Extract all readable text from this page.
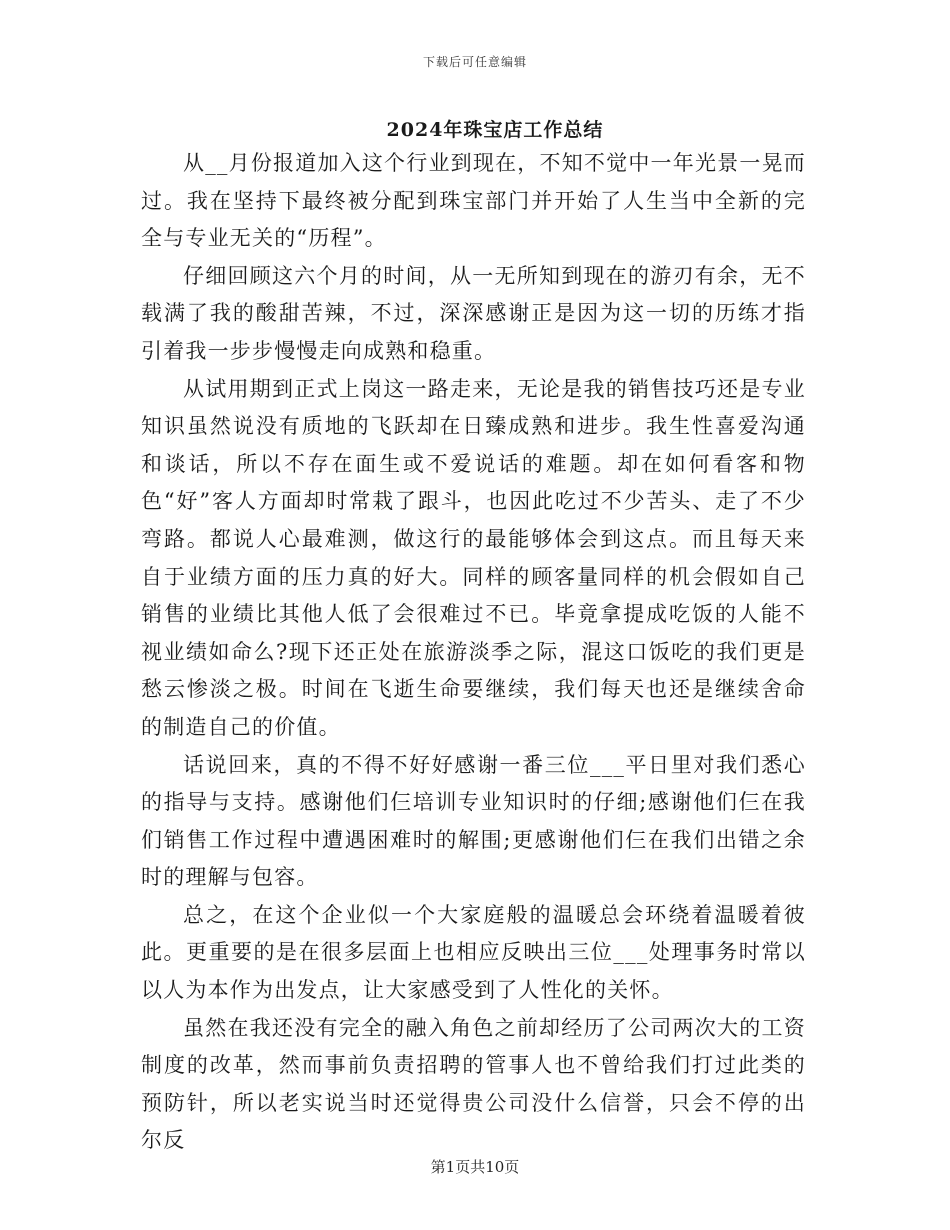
下载后可任意编辑
2024年珠宝店工作总结

从__月份报道加入这个行业到现在，不知不觉中一年光景一晃而过。我在坚持下最终被分配到珠宝部门并开始了人生当中全新的完全与专业无关的“历程”。

仔细回顾这六个月的时间，从一无所知到现在的游刃有余，无不载满了我的酸甜苦辣，不过，深深感谢正是因为这一切的历练才指引着我一步步慢慢走向成熟和稳重。

从试用期到正式上岗这一路走来，无论是我的销售技巧还是专业知识虽然说没有质地的飞跃却在日臻成熟和进步。我生性喜爱沟通和谈话，所以不存在面生或不爱说话的难题。却在如何看客和物色“好”客人方面却时常栽了跟斗，也因此吃过不少苦头、走了不少弯路。都说人心最难测，做这行的最能够体会到这点。而且每天来自于业绩方面的压力真的好大。同样的顾客量同样的机会假如自己销售的业绩比其他人低了会很难过不已。毕竟拿提成吃饭的人能不视业绩如命么?现下还正处在旅游淡季之际，混这口饭吃的我们更是愁云惨淡之极。时间在飞逝生命要继续，我们每天也还是继续舍命的制造自己的价值。

话说回来，真的不得不好好感谢一番三位___平日里对我们悉心的指导与支持。感谢他们仨培训专业知识时的仔细;感谢他们仨在我们销售工作过程中遭遇困难时的解围;更感谢他们仨在我们出错之余时的理解与包容。

总之，在这个企业似一个大家庭般的温暖总会环绕着温暖着彼此。更重要的是在很多层面上也相应反映出三位___处理事务时常以以人为本作为出发点，让大家感受到了人性化的关怀。

虽然在我还没有完全的融入角色之前却经历了公司两次大的工资制度的改革，然而事前负责招聘的管事人也不曾给我们打过此类的预防针，所以老实说当时还觉得贵公司没什么信誉，只会不停的出尔反

第1页共10页
